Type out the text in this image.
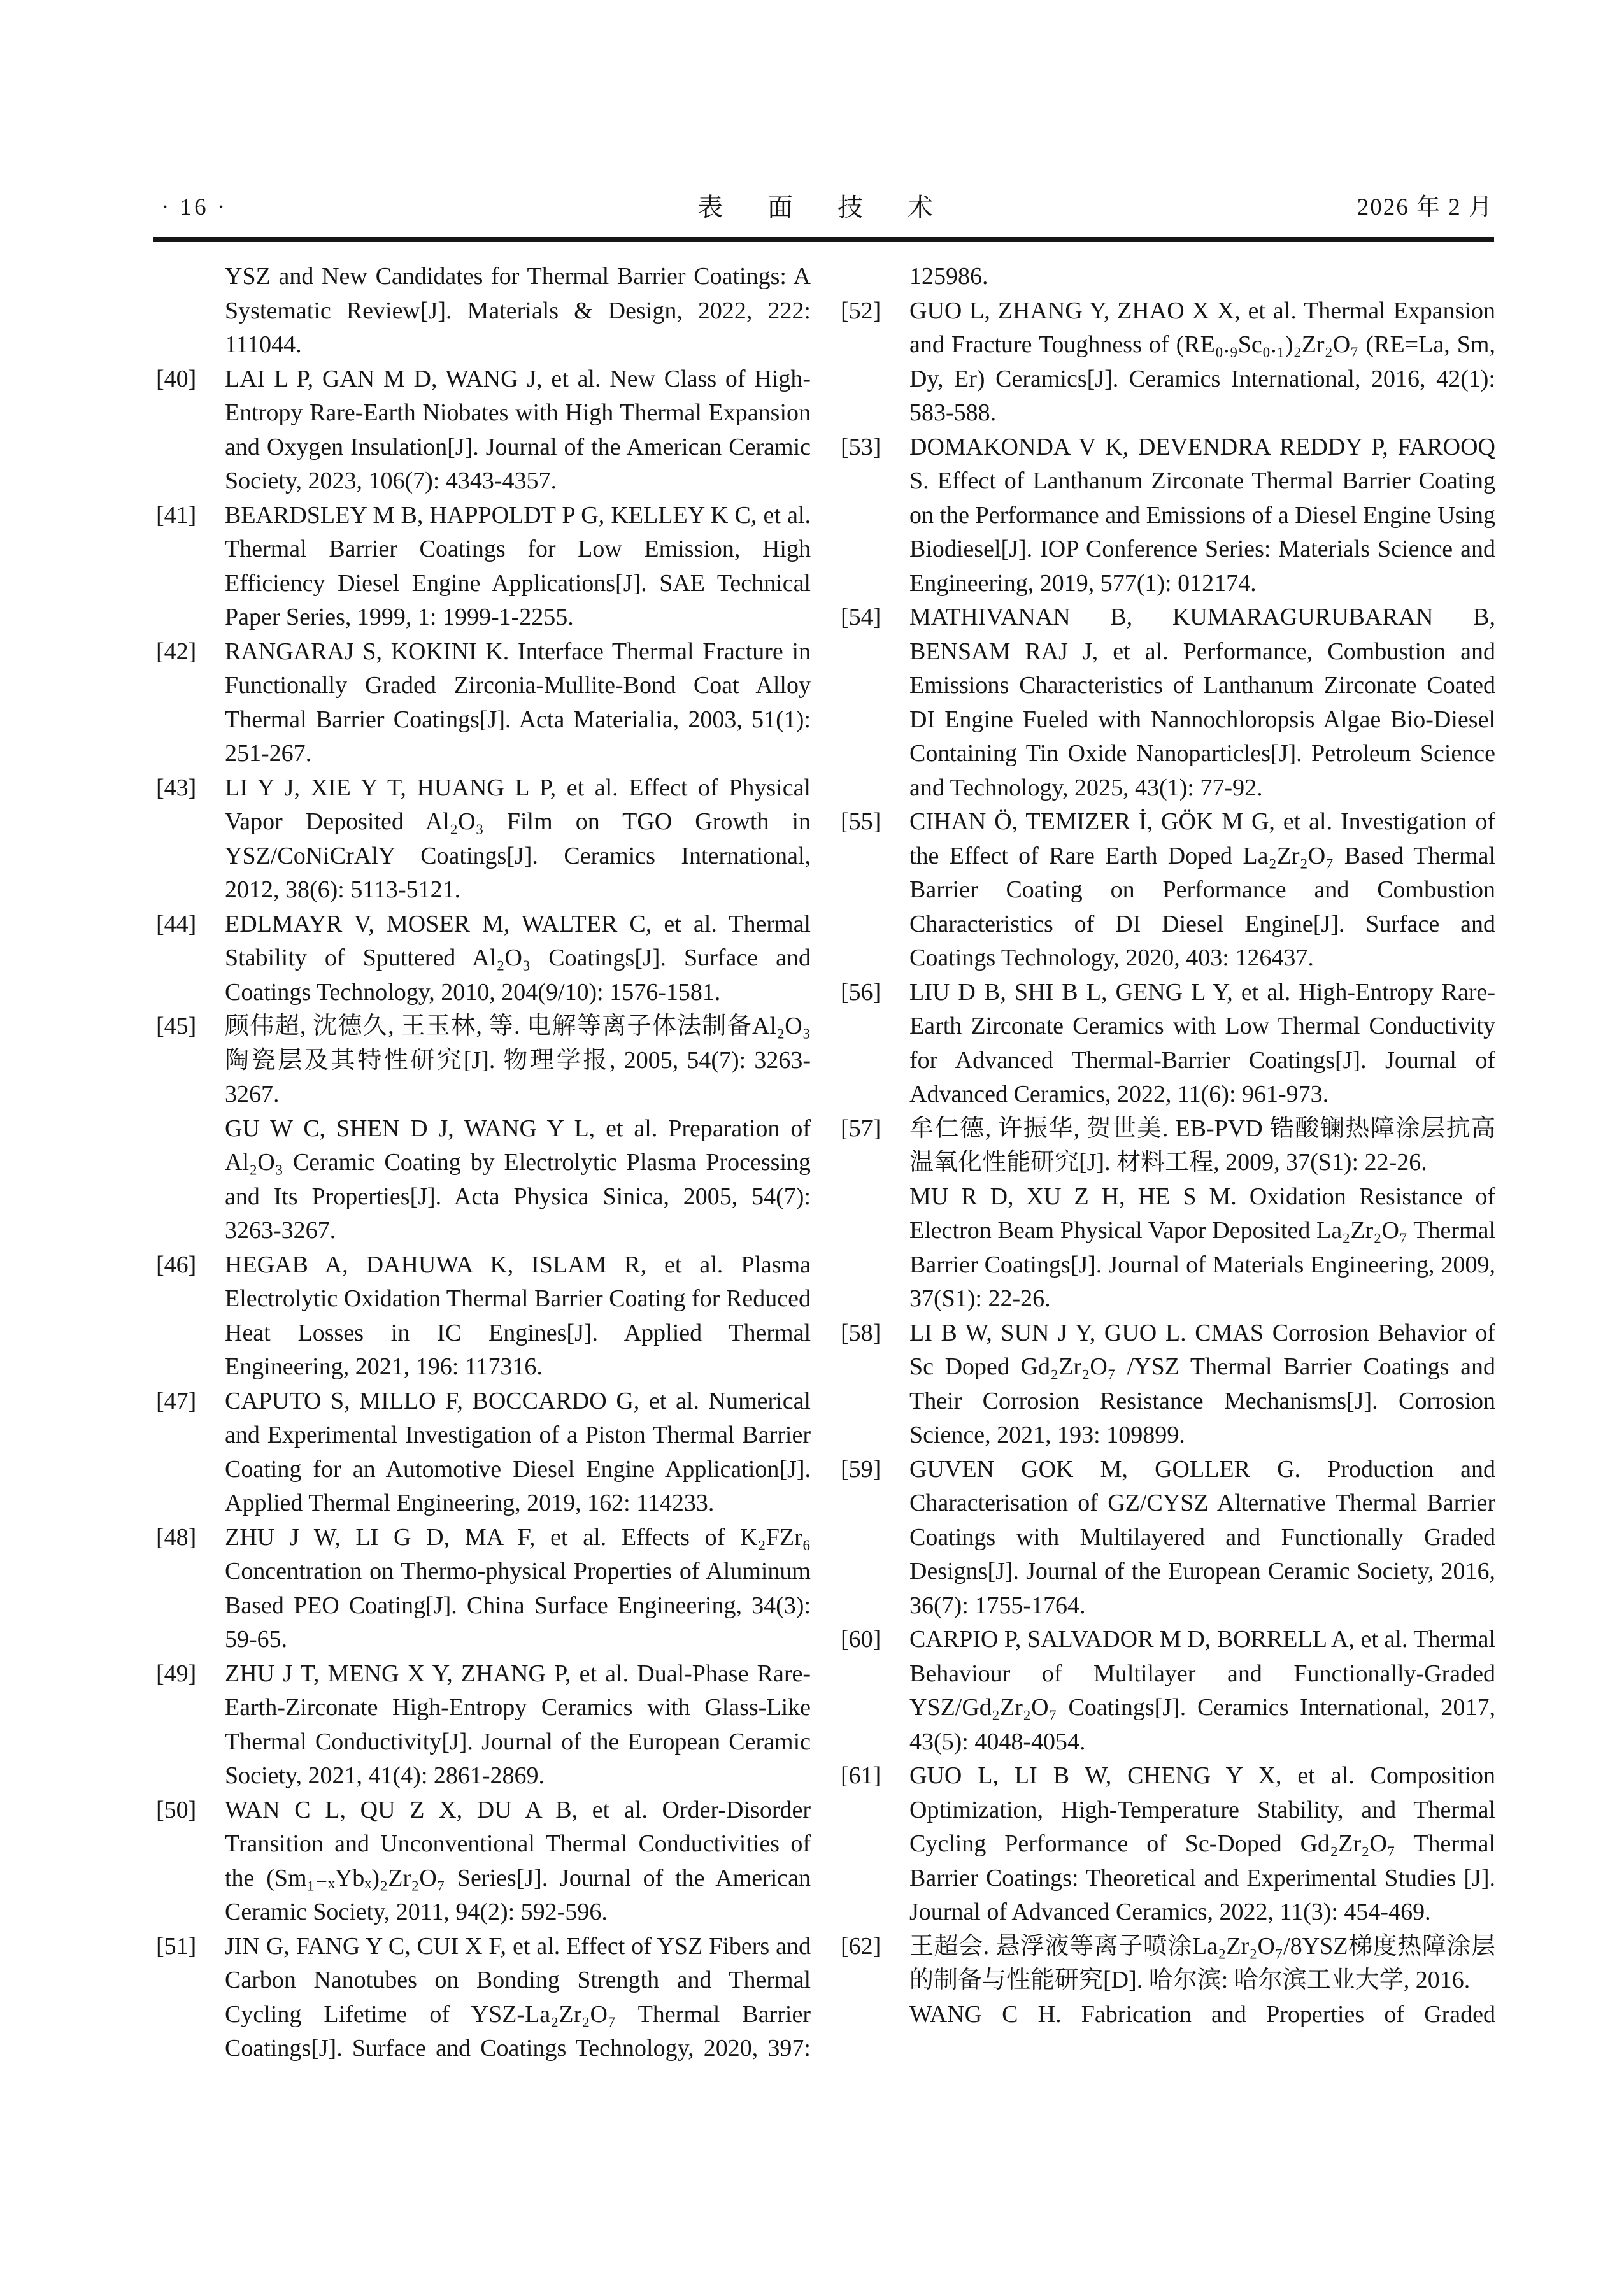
· 16 ·	表 面 技 术	2026 年 2 月

YSZ and New Candidates for Thermal Barrier Coatings: A Systematic Review[J]. Materials & Design, 2022, 222: 111044.

[40] LAI L P, GAN M D, WANG J, et al. New Class of High-Entropy Rare-Earth Niobates with High Thermal Expansion and Oxygen Insulation[J]. Journal of the American Ceramic Society, 2023, 106(7): 4343-4357.

[41] BEARDSLEY M B, HAPPOLDT P G, KELLEY K C, et al. Thermal Barrier Coatings for Low Emission, High Efficiency Diesel Engine Applications[J]. SAE Technical Paper Series, 1999, 1: 1999-1-2255.

[42] RANGARAJ S, KOKINI K. Interface Thermal Fracture in Functionally Graded Zirconia-Mullite-Bond Coat Alloy Thermal Barrier Coatings[J]. Acta Materialia, 2003, 51(1): 251-267.

[43] LI Y J, XIE Y T, HUANG L P, et al. Effect of Physical Vapor Deposited Al₂O₃ Film on TGO Growth in YSZ/CoNiCrAlY Coatings[J]. Ceramics International, 2012, 38(6): 5113-5121.

[44] EDLMAYR V, MOSER M, WALTER C, et al. Thermal Stability of Sputtered Al₂O₃ Coatings[J]. Surface and Coatings Technology, 2010, 204(9/10): 1576-1581.

[45] 顾伟超, 沈德久, 王玉林, 等. 电解等离子体法制备Al₂O₃陶瓷层及其特性研究[J]. 物理学报, 2005, 54(7): 3263-3267.

GU W C, SHEN D J, WANG Y L, et al. Preparation of Al₂O₃ Ceramic Coating by Electrolytic Plasma Processing and Its Properties[J]. Acta Physica Sinica, 2005, 54(7): 3263-3267.

[46] HEGAB A, DAHUWA K, ISLAM R, et al. Plasma Electrolytic Oxidation Thermal Barrier Coating for Reduced Heat Losses in IC Engines[J]. Applied Thermal Engineering, 2021, 196: 117316.

[47] CAPUTO S, MILLO F, BOCCARDO G, et al. Numerical and Experimental Investigation of a Piston Thermal Barrier Coating for an Automotive Diesel Engine Application[J]. Applied Thermal Engineering, 2019, 162: 114233.

[48] ZHU J W, LI G D, MA F, et al. Effects of K₂FZr₆ Concentration on Thermo-physical Properties of Aluminum Based PEO Coating[J]. China Surface Engineering, 34(3): 59-65.

[49] ZHU J T, MENG X Y, ZHANG P, et al. Dual-Phase Rare-Earth-Zirconate High-Entropy Ceramics with Glass-Like Thermal Conductivity[J]. Journal of the European Ceramic Society, 2021, 41(4): 2861-2869.

[50] WAN C L, QU Z X, DU A B, et al. Order-Disorder Transition and Unconventional Thermal Conductivities of the (Sm₁₋ₓYbₓ)₂Zr₂O₇ Series[J]. Journal of the American Ceramic Society, 2011, 94(2): 592-596.

[51] JIN G, FANG Y C, CUI X F, et al. Effect of YSZ Fibers and Carbon Nanotubes on Bonding Strength and Thermal Cycling Lifetime of YSZ-La₂Zr₂O₇ Thermal Barrier Coatings[J]. Surface and Coatings Technology, 2020, 397:

125986.

[52] GUO L, ZHANG Y, ZHAO X X, et al. Thermal Expansion and Fracture Toughness of (RE₀.₉Sc₀.₁)₂Zr₂O₇ (RE=La, Sm, Dy, Er) Ceramics[J]. Ceramics International, 2016, 42(1): 583-588.

[53] DOMAKONDA V K, DEVENDRA REDDY P, FAROOQ S. Effect of Lanthanum Zirconate Thermal Barrier Coating on the Performance and Emissions of a Diesel Engine Using Biodiesel[J]. IOP Conference Series: Materials Science and Engineering, 2019, 577(1): 012174.

[54] MATHIVANAN B, KUMARAGURUBARAN B, BENSAM RAJ J, et al. Performance, Combustion and Emissions Characteristics of Lanthanum Zirconate Coated DI Engine Fueled with Nannochloropsis Algae Bio-Diesel Containing Tin Oxide Nanoparticles[J]. Petroleum Science and Technology, 2025, 43(1): 77-92.

[55] CIHAN Ö, TEMIZER İ, GÖK M G, et al. Investigation of the Effect of Rare Earth Doped La₂Zr₂O₇ Based Thermal Barrier Coating on Performance and Combustion Characteristics of DI Diesel Engine[J]. Surface and Coatings Technology, 2020, 403: 126437.

[56] LIU D B, SHI B L, GENG L Y, et al. High-Entropy Rare-Earth Zirconate Ceramics with Low Thermal Conductivity for Advanced Thermal-Barrier Coatings[J]. Journal of Advanced Ceramics, 2022, 11(6): 961-973.

[57] 牟仁德, 许振华, 贺世美. EB-PVD 锆酸镧热障涂层抗高温氧化性能研究[J]. 材料工程, 2009, 37(S1): 22-26.

MU R D, XU Z H, HE S M. Oxidation Resistance of Electron Beam Physical Vapor Deposited La₂Zr₂O₇ Thermal Barrier Coatings[J]. Journal of Materials Engineering, 2009, 37(S1): 22-26.

[58] LI B W, SUN J Y, GUO L. CMAS Corrosion Behavior of Sc Doped Gd₂Zr₂O₇ /YSZ Thermal Barrier Coatings and Their Corrosion Resistance Mechanisms[J]. Corrosion Science, 2021, 193: 109899.

[59] GUVEN GOK M, GOLLER G. Production and Characterisation of GZ/CYSZ Alternative Thermal Barrier Coatings with Multilayered and Functionally Graded Designs[J]. Journal of the European Ceramic Society, 2016, 36(7): 1755-1764.

[60] CARPIO P, SALVADOR M D, BORRELL A, et al. Thermal Behaviour of Multilayer and Functionally-Graded YSZ/Gd₂Zr₂O₇ Coatings[J]. Ceramics International, 2017, 43(5): 4048-4054.

[61] GUO L, LI B W, CHENG Y X, et al. Composition Optimization, High-Temperature Stability, and Thermal Cycling Performance of Sc-Doped Gd₂Zr₂O₇ Thermal Barrier Coatings: Theoretical and Experimental Studies [J]. Journal of Advanced Ceramics, 2022, 11(3): 454-469.

[62] 王超会. 悬浮液等离子喷涂La₂Zr₂O₇/8YSZ梯度热障涂层的制备与性能研究[D]. 哈尔滨: 哈尔滨工业大学, 2016.

WANG C H. Fabrication and Properties of Graded
